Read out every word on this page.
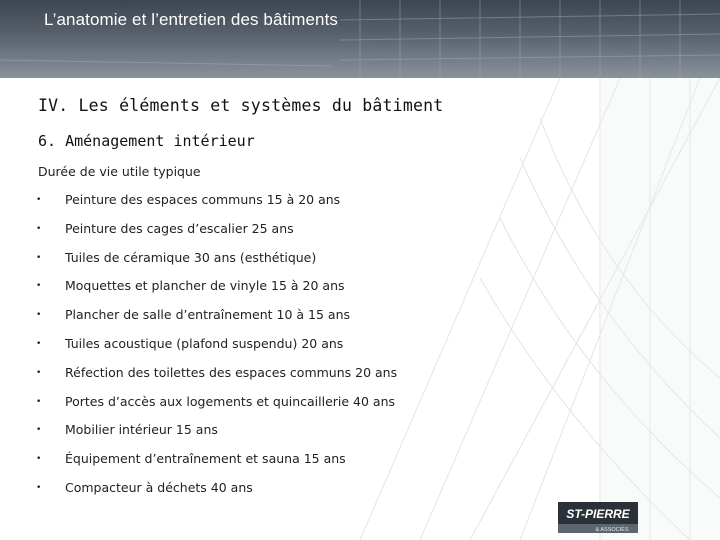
L’anatomie et l’entretien des bâtiments
IV. Les éléments et systèmes du bâtiment
6. Aménagement intérieur
Durée de vie utile typique
• Peinture des espaces communs 15 à 20 ans
• Peinture des cages d’escalier 25 ans
• Tuiles de céramique 30 ans (esthétique)
• Moquettes et plancher de vinyle 15 à 20 ans
• Plancher de salle d’entraînement 10 à 15 ans
• Tuiles acoustique (plafond suspendu) 20 ans
• Réfection des toilettes des espaces communs 20 ans
• Portes d’accès aux logements et quincaillerie 40 ans
• Mobilier intérieur 15 ans
• Équipement d’entraînement et sauna 15 ans
• Compacteur à déchets 40 ans
ST-PIERRE
& ASSOCIÉS
